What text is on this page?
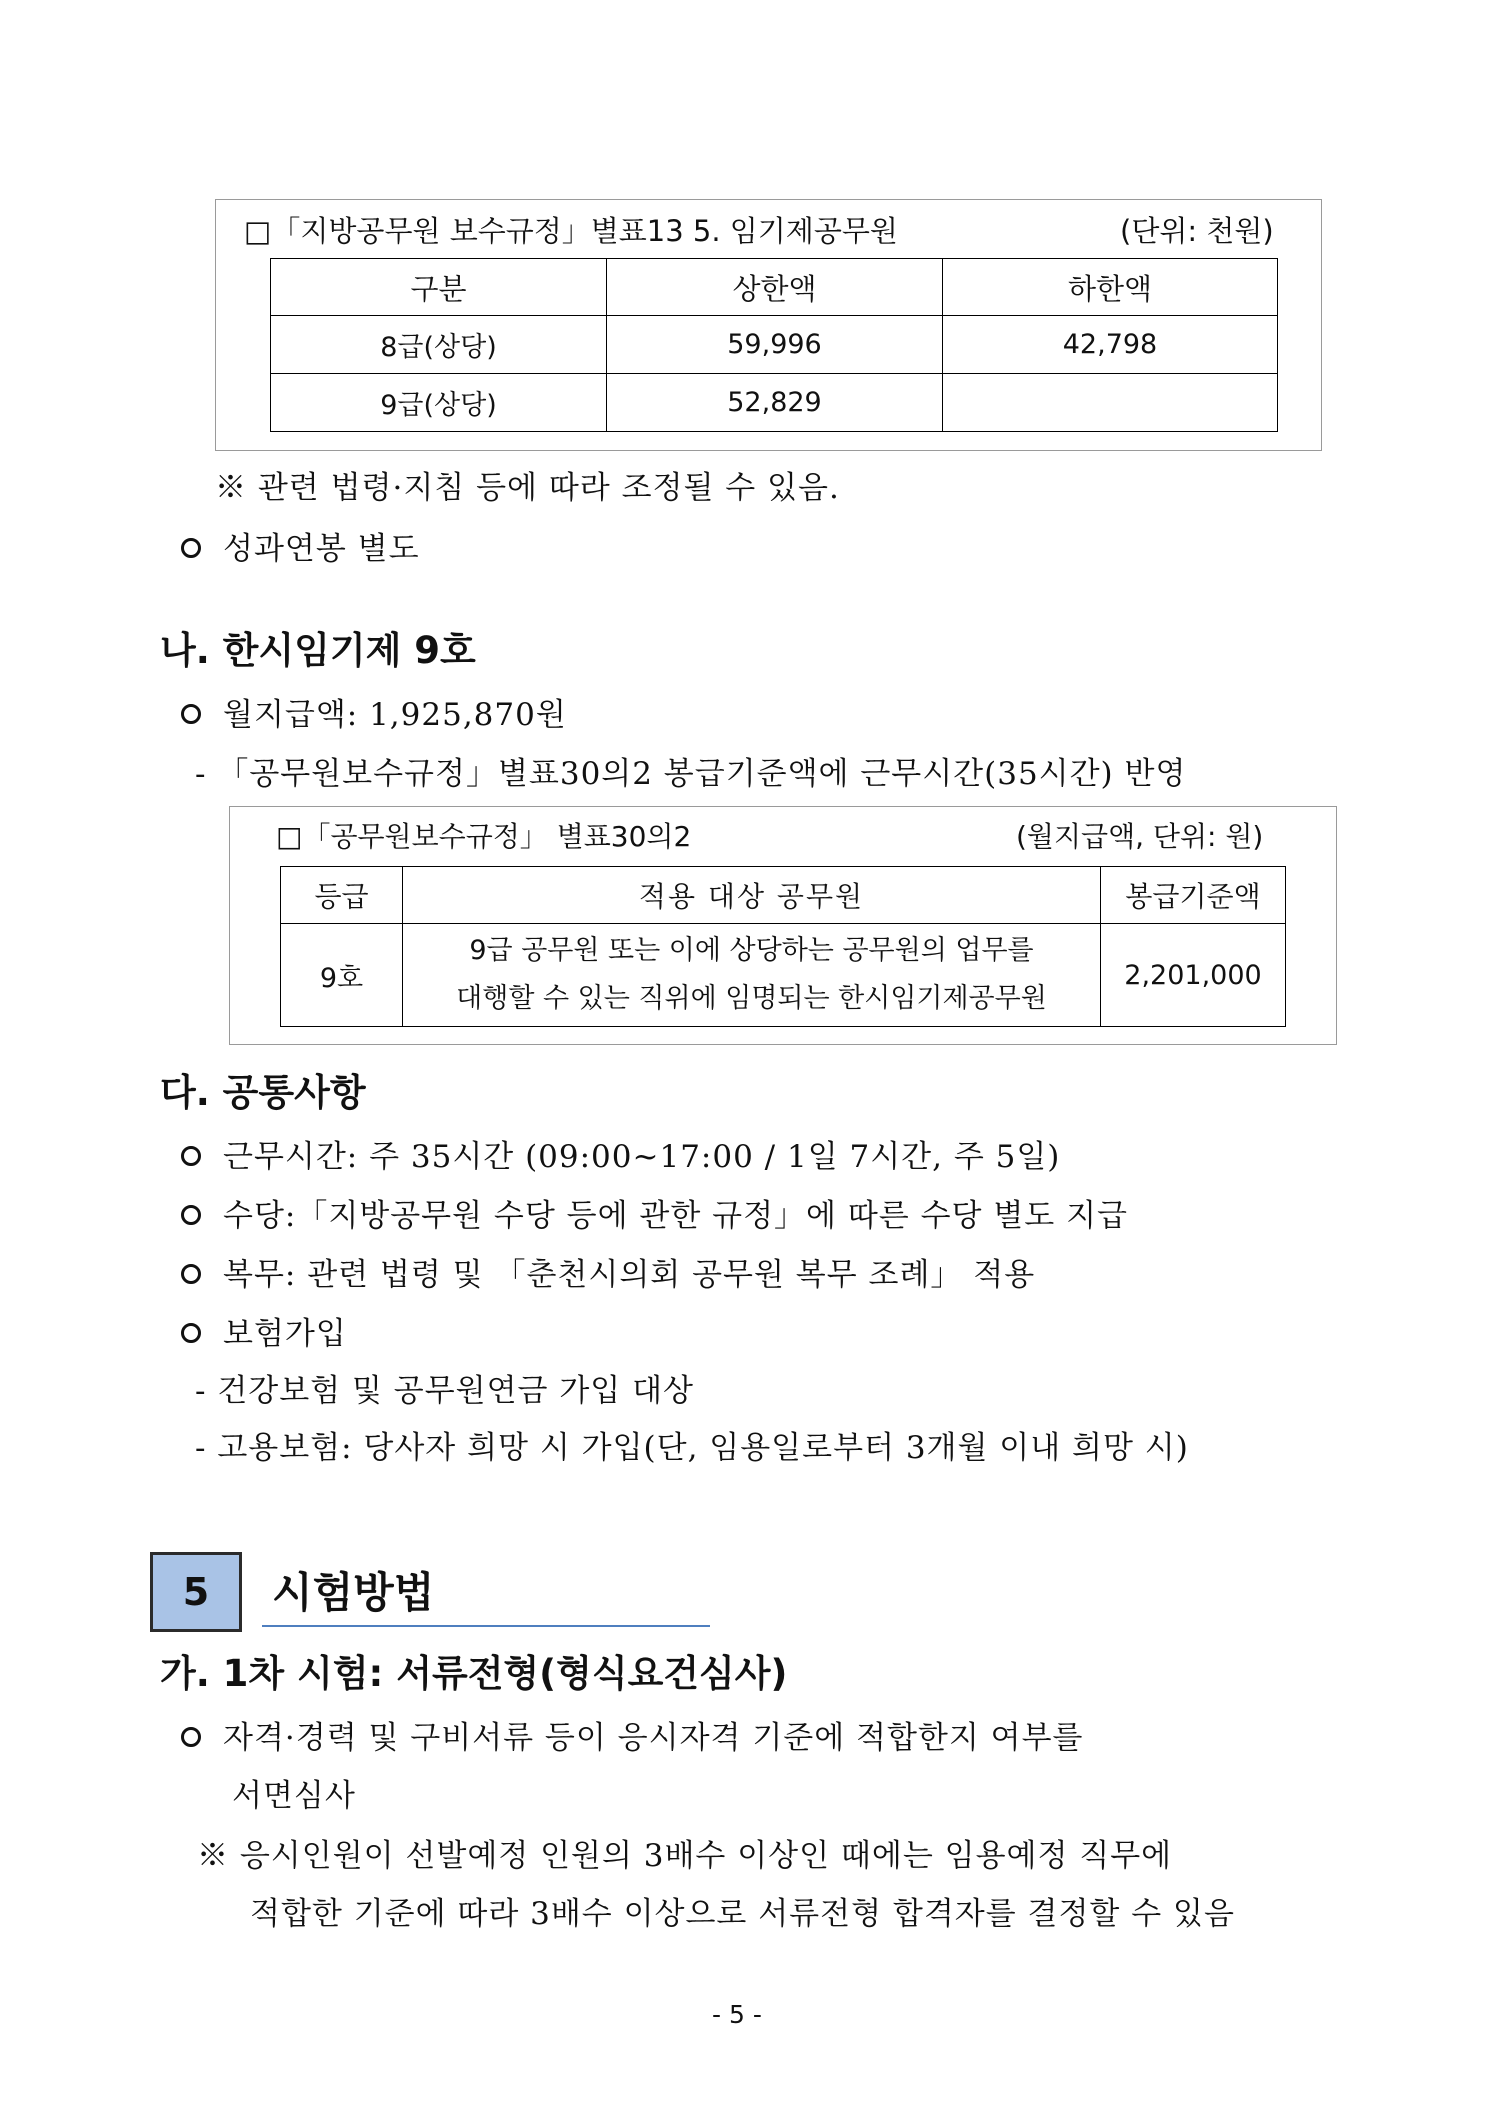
□「지방공무원 보수규정」별표13 5. 임기제공무원	(단위: 천원)
구분	상한액	하한액
8급(상당)	59,996	42,798
9급(상당)	52,829	
※ 관련 법령·지침 등에 따라 조정될 수 있음.
성과연봉 별도
나. 한시임기제 9호
월지급액: 1,925,870원
- 「공무원보수규정」별표30의2 봉급기준액에 근무시간(35시간) 반영
□「공무원보수규정」 별표30의2	(월지급액, 단위: 원)
등급	적용 대상 공무원	봉급기준액
9호	9급 공무원 또는 이에 상당하는 공무원의 업무를
대행할 수 있는 직위에 임명되는 한시임기제공무원	2,201,000
다. 공통사항
근무시간: 주 35시간 (09:00~17:00 / 1일 7시간, 주 5일)
수당:「지방공무원 수당 등에 관한 규정」에 따른 수당 별도 지급
복무: 관련 법령 및 「춘천시의회 공무원 복무 조례」 적용
보험가입
- 건강보험 및 공무원연금 가입 대상
- 고용보험: 당사자 희망 시 가입(단, 임용일로부터 3개월 이내 희망 시)
5	시험방법
가. 1차 시험: 서류전형(형식요건심사)
자격·경력 및 구비서류 등이 응시자격 기준에 적합한지 여부를
서면심사
※ 응시인원이 선발예정 인원의 3배수 이상인 때에는 임용예정 직무에
적합한 기준에 따라 3배수 이상으로 서류전형 합격자를 결정할 수 있음
- 5 -
